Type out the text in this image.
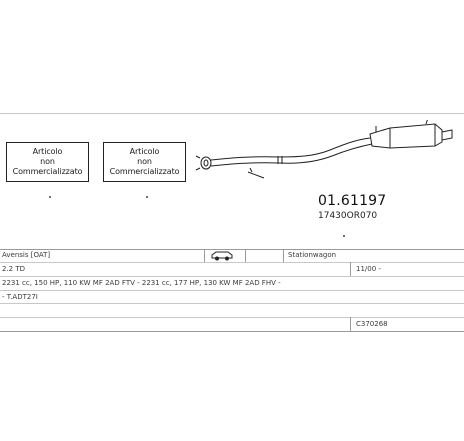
Articolo
non
Commercializzato
Articolo
non
Commercializzato
01.61197
17430OR070
Avensis [OAT]	Stationwagon
2.2 TD	11/00 -
2231 cc, 150 HP, 110 KW MF 2AD FTV - 2231 cc, 177 HP, 130 KW MF 2AD FHV -
- T.ADT27I
C370268
